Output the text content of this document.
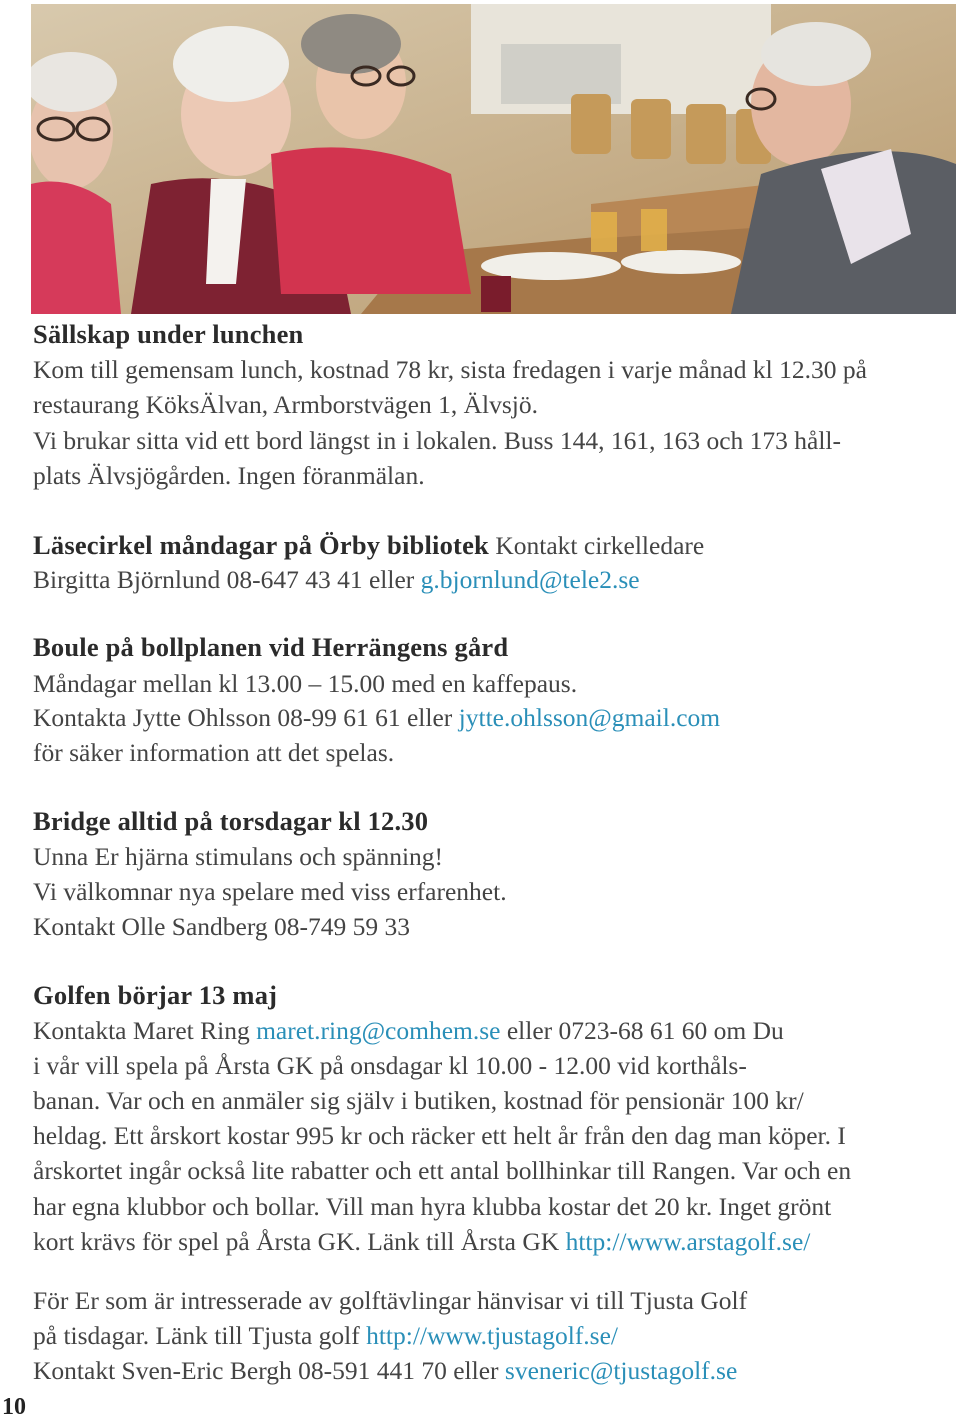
Sällskap under lunchen
Kom till gemensam lunch, kostnad 78 kr, sista fredagen i varje månad kl 12.30 på
restaurang KöksÄlvan, Armborstvägen 1, Älvsjö.
Vi brukar sitta vid ett bord längst in i lokalen. Buss 144, 161, 163 och 173 håll-
plats Älvsjögården. Ingen föranmälan.
Läsecirkel måndagar på Örby bibliotek Kontakt cirkelledare
Birgitta Björnlund 08-647 43 41 eller g.bjornlund@tele2.se
Boule på bollplanen vid Herrängens gård
Måndagar mellan kl 13.00 – 15.00 med en kaffepaus.
Kontakta Jytte Ohlsson 08-99 61 61 eller jytte.ohlsson@gmail.com
för säker information att det spelas.
Bridge alltid på torsdagar kl 12.30
Unna Er hjärna stimulans och spänning!
Vi välkomnar nya spelare med viss erfarenhet.
Kontakt Olle Sandberg 08-749 59 33
Golfen börjar 13 maj
Kontakta Maret Ring maret.ring@comhem.se eller 0723-68 61 60 om Du
i vår vill spela på Årsta GK på onsdagar kl 10.00 - 12.00 vid korthåls-
banan. Var och en anmäler sig själv i butiken, kostnad för pensionär 100 kr/
heldag. Ett årskort kostar 995 kr och räcker ett helt år från den dag man köper. I
årskortet ingår också lite rabatter och ett antal bollhinkar till Rangen. Var och en
har egna klubbor och bollar. Vill man hyra klubba kostar det 20 kr. Inget grönt
kort krävs för spel på Årsta GK. Länk till Årsta GK http://www.arstagolf.se/
För Er som är intresserade av golftävlingar hänvisar vi till Tjusta Golf
på tisdagar. Länk till Tjusta golf http://www.tjustagolf.se/
Kontakt Sven-Eric Bergh 08-591 441 70 eller sveneric@tjustagolf.se
10
